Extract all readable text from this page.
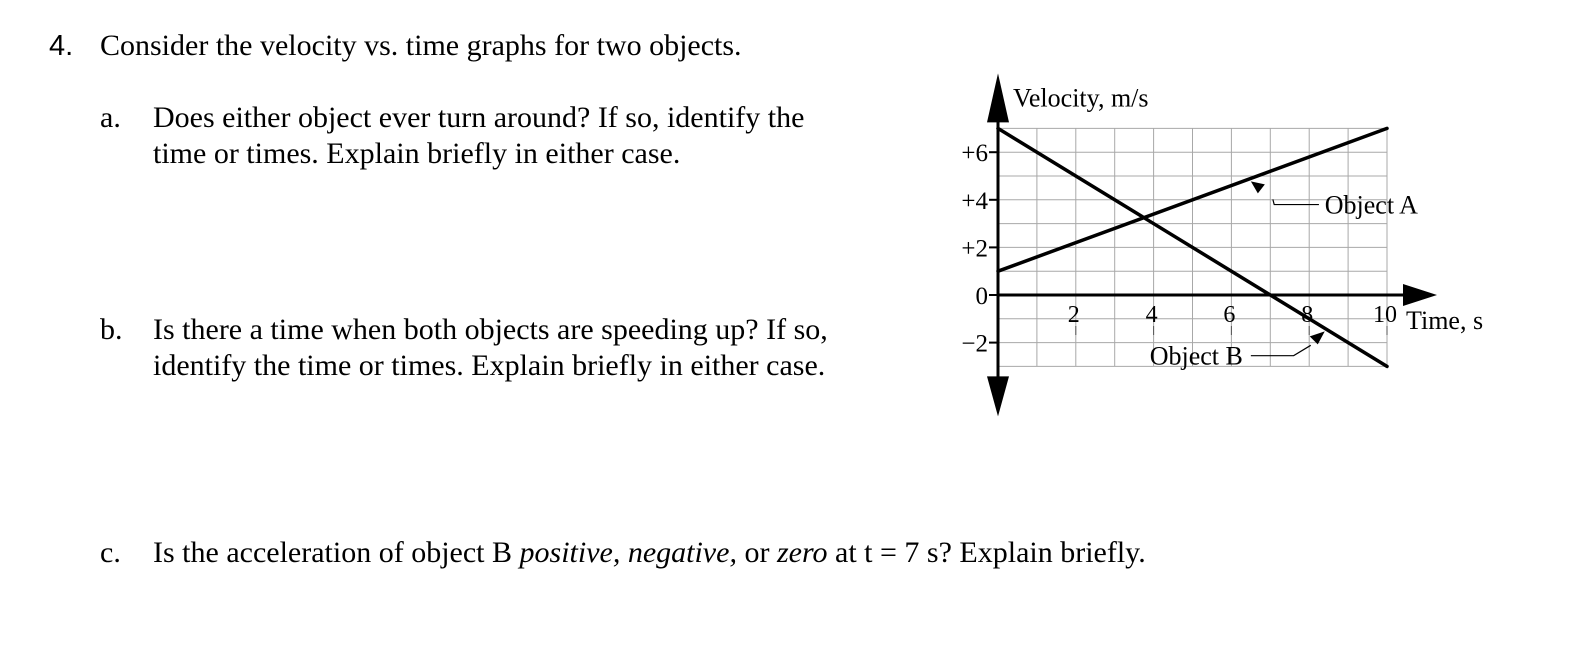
4. Consider the velocity vs. time graphs for two objects.
a. Does either object ever turn around? If so, identify the
time or times. Explain briefly in either case.
b. Is there a time when both objects are speeding up? If so,
identify the time or times. Explain briefly in either case.
c. Is the acceleration of object B positive, negative, or zero at t = 7 s? Explain briefly.
+6
+4
+2
0
−2
2	4	6	8 10
Velocity, m/s
Time, s
Object A
Object B
